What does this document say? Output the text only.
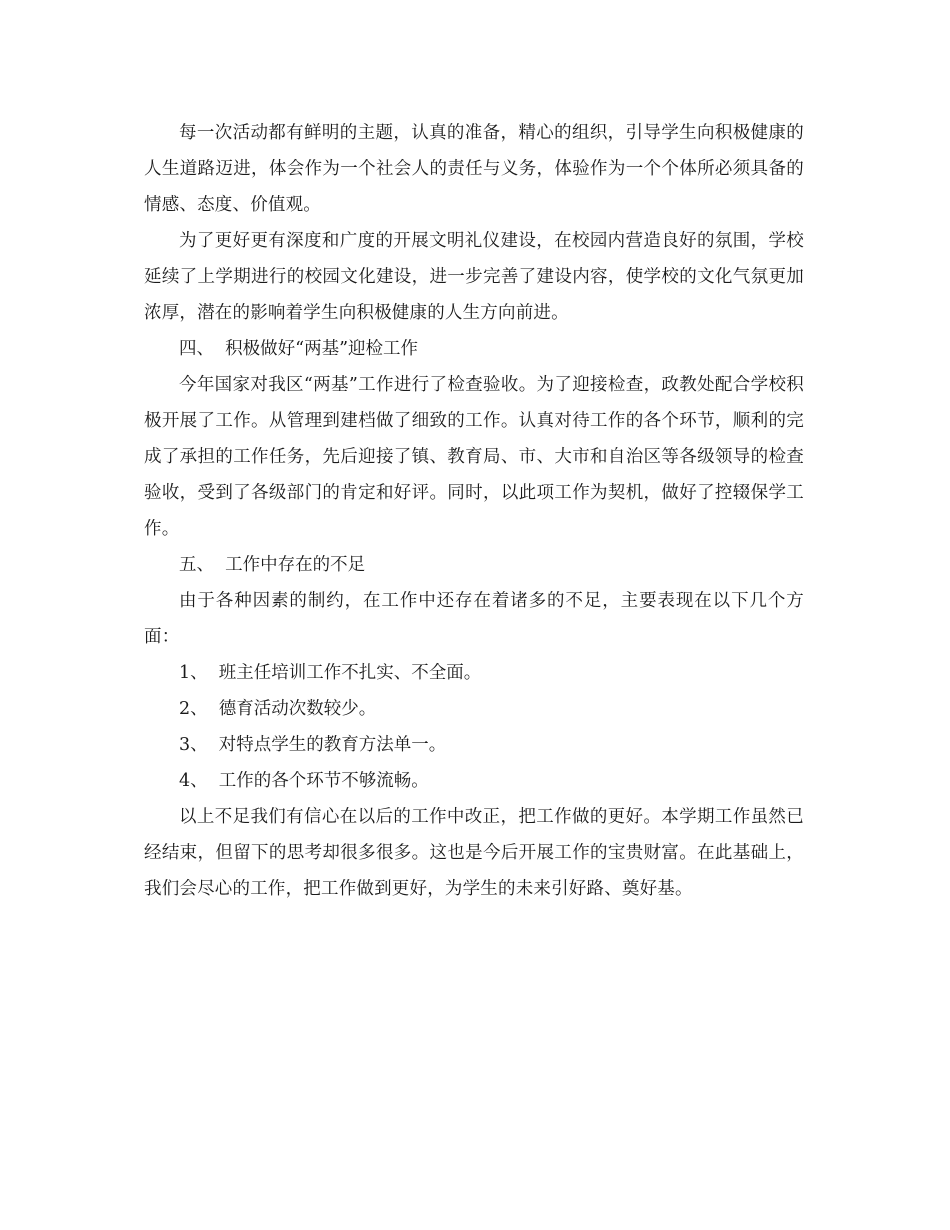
每一次活动都有鲜明的主题，认真的准备，精心的组织，引导学生向积极健康的人生道路迈进，体会作为一个社会人的责任与义务，体验作为一个个体所必须具备的情感、态度、价值观。

为了更好更有深度和广度的开展文明礼仪建设，在校园内营造良好的氛围，学校延续了上学期进行的校园文化建设，进一步完善了建设内容，使学校的文化气氛更加浓厚，潜在的影响着学生向积极健康的人生方向前进。

四、  积极做好“两基”迎检工作

今年国家对我区“两基”工作进行了检查验收。为了迎接检查，政教处配合学校积极开展了工作。从管理到建档做了细致的工作。认真对待工作的各个环节，顺利的完成了承担的工作任务，先后迎接了镇、教育局、市、大市和自治区等各级领导的检查验收，受到了各级部门的肯定和好评。同时，以此项工作为契机，做好了控辍保学工作。

五、  工作中存在的不足

由于各种因素的制约，在工作中还存在着诸多的不足，主要表现在以下几个方面：

1、  班主任培训工作不扎实、不全面。

2、  德育活动次数较少。

3、  对特点学生的教育方法单一。

4、  工作的各个环节不够流畅。

以上不足我们有信心在以后的工作中改正，把工作做的更好。本学期工作虽然已经结束，但留下的思考却很多很多。这也是今后开展工作的宝贵财富。在此基础上，我们会尽心的工作，把工作做到更好，为学生的未来引好路、奠好基。
